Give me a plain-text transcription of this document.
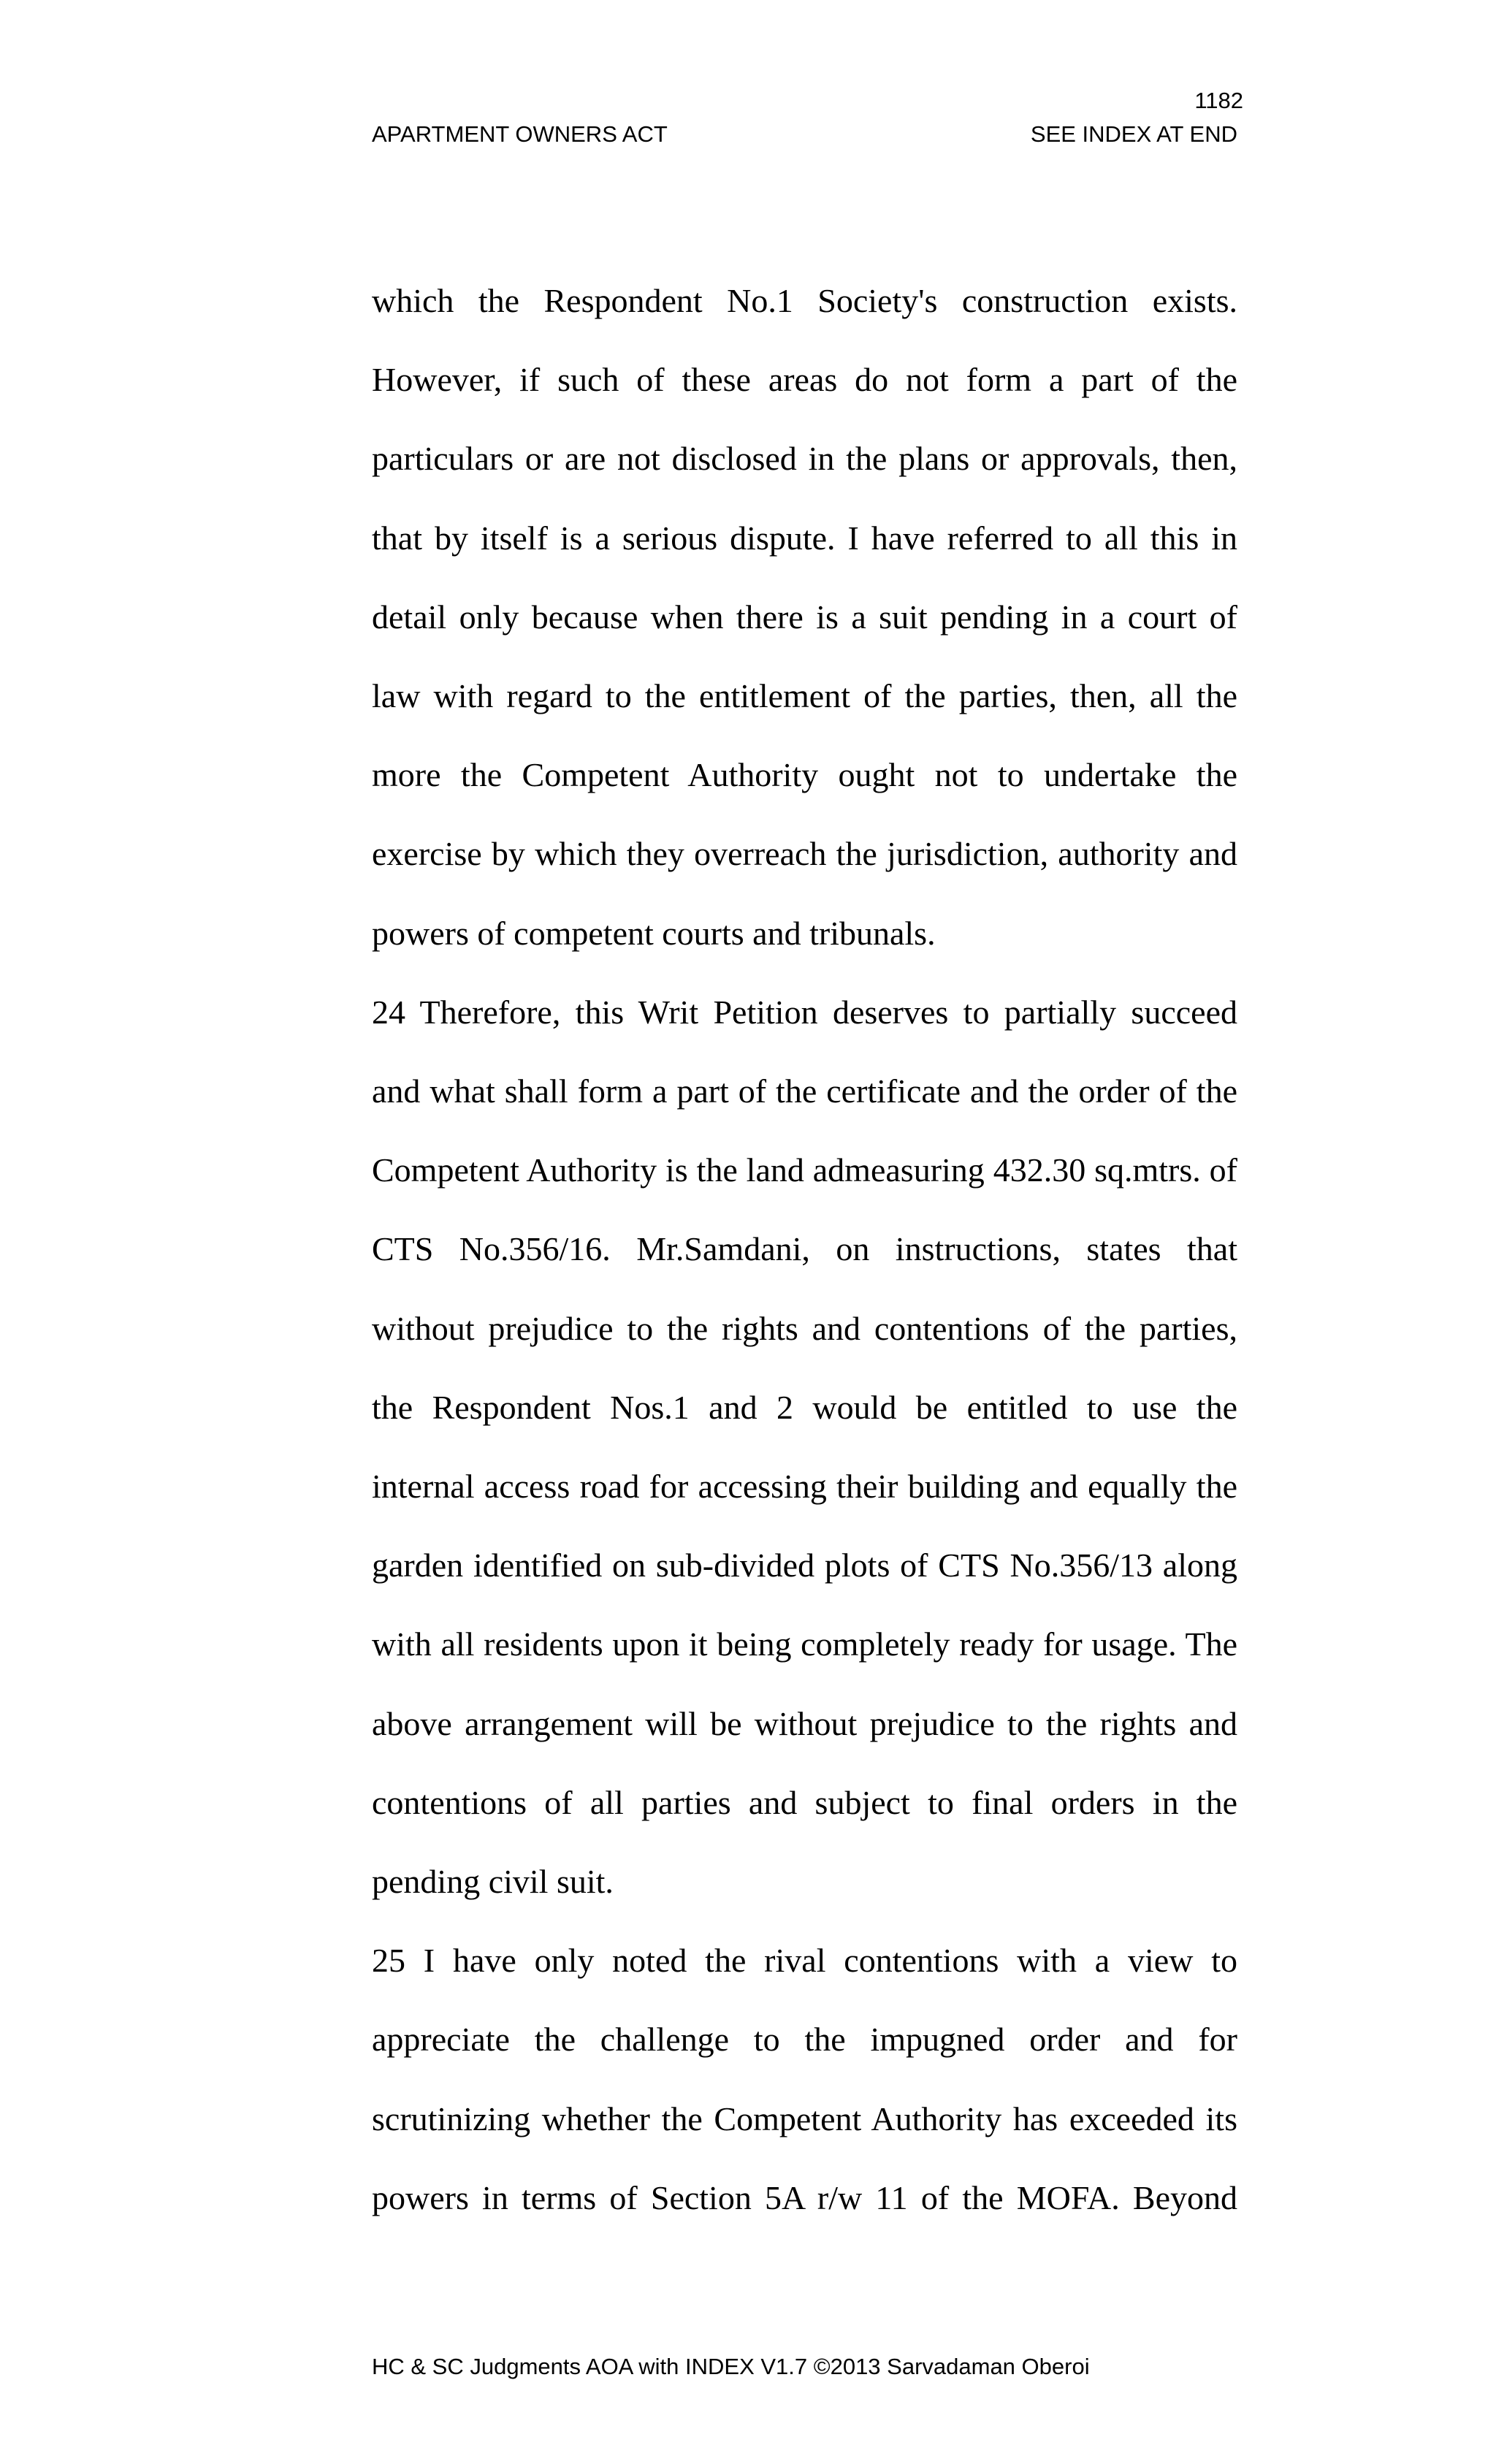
1182
APARTMENT OWNERS ACT	SEE INDEX AT END

which the Respondent No.1 Society's construction exists. However, if such of these areas do not form a part of the particulars or are not disclosed in the plans or approvals, then, that by itself is a serious dispute. I have referred to all this in detail only because when there is a suit pending in a court of law with regard to the entitlement of the parties, then, all the more the Competent Authority ought not to undertake the exercise by which they overreach the jurisdiction, authority and powers of competent courts and tribunals.

24 Therefore, this Writ Petition deserves to partially succeed and what shall form a part of the certificate and the order of the Competent Authority is the land admeasuring 432.30 sq.mtrs. of CTS No.356/16. Mr.Samdani, on instructions, states that without prejudice to the rights and contentions of the parties, the Respondent Nos.1 and 2 would be entitled to use the internal access road for accessing their building and equally the garden identified on sub-divided plots of CTS No.356/13 along with all residents upon it being completely ready for usage. The above arrangement will be without prejudice to the rights and contentions of all parties and subject to final orders in the pending civil suit.

25 I have only noted the rival contentions with a view to appreciate the challenge to the impugned order and for scrutinizing whether the Competent Authority has exceeded its powers in terms of Section 5A r/w 11 of the MOFA. Beyond

HC & SC Judgments AOA with INDEX V1.7 ©2013 Sarvadaman Oberoi
